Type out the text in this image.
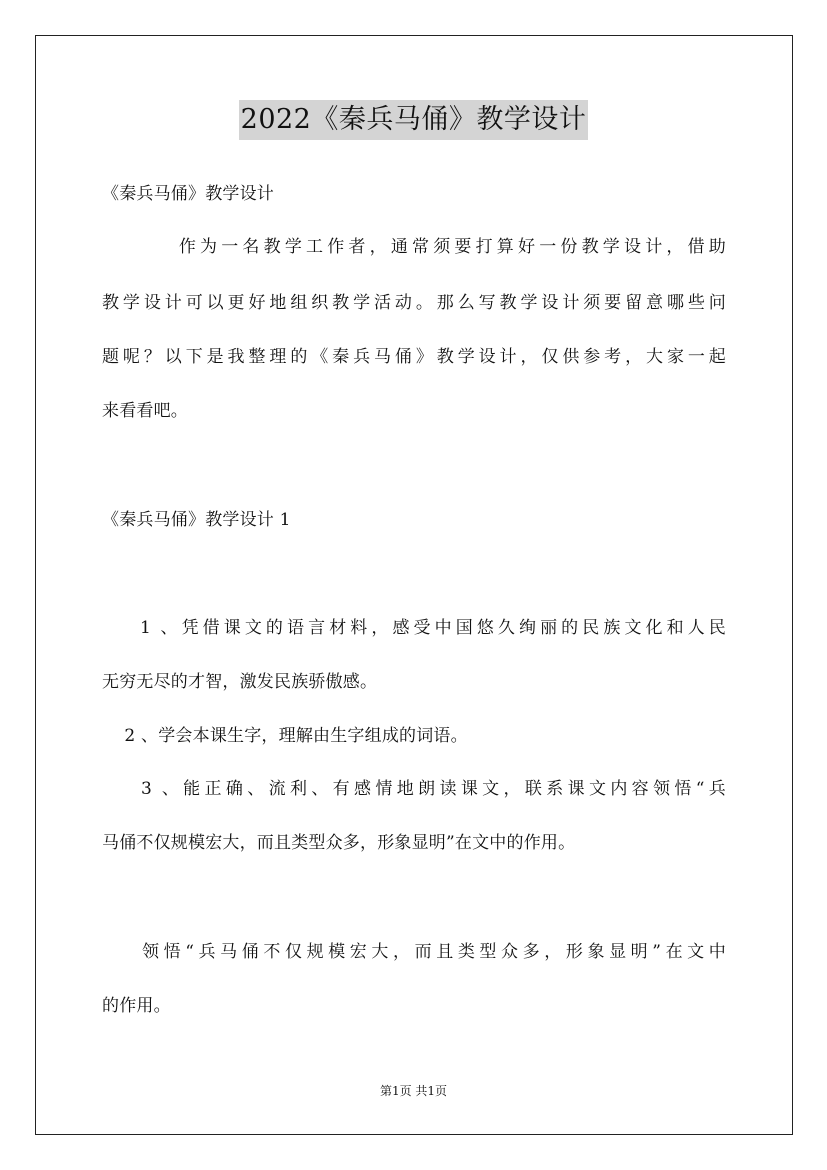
2022《秦兵马俑》教学设计
《秦兵马俑》教学设计
作为一名教学工作者，通常须要打算好一份教学设计，借助
教学设计可以更好地组织教学活动。那么写教学设计须要留意哪些问
题呢？以下是我整理的《秦兵马俑》教学设计，仅供参考，大家一起
来看看吧。
《秦兵马俑》教学设计 1
1 、凭借课文的语言材料，感受中国悠久绚丽的民族文化和人民
无穷无尽的才智，激发民族骄傲感。
2 、学会本课生字，理解由生字组成的词语。
3 、能正确、流利、有感情地朗读课文，联系课文内容领悟“兵
马俑不仅规模宏大，而且类型众多，形象显明”在文中的作用。
领悟“兵马俑不仅规模宏大，而且类型众多，形象显明”在文中
的作用。
第1页 共1页
